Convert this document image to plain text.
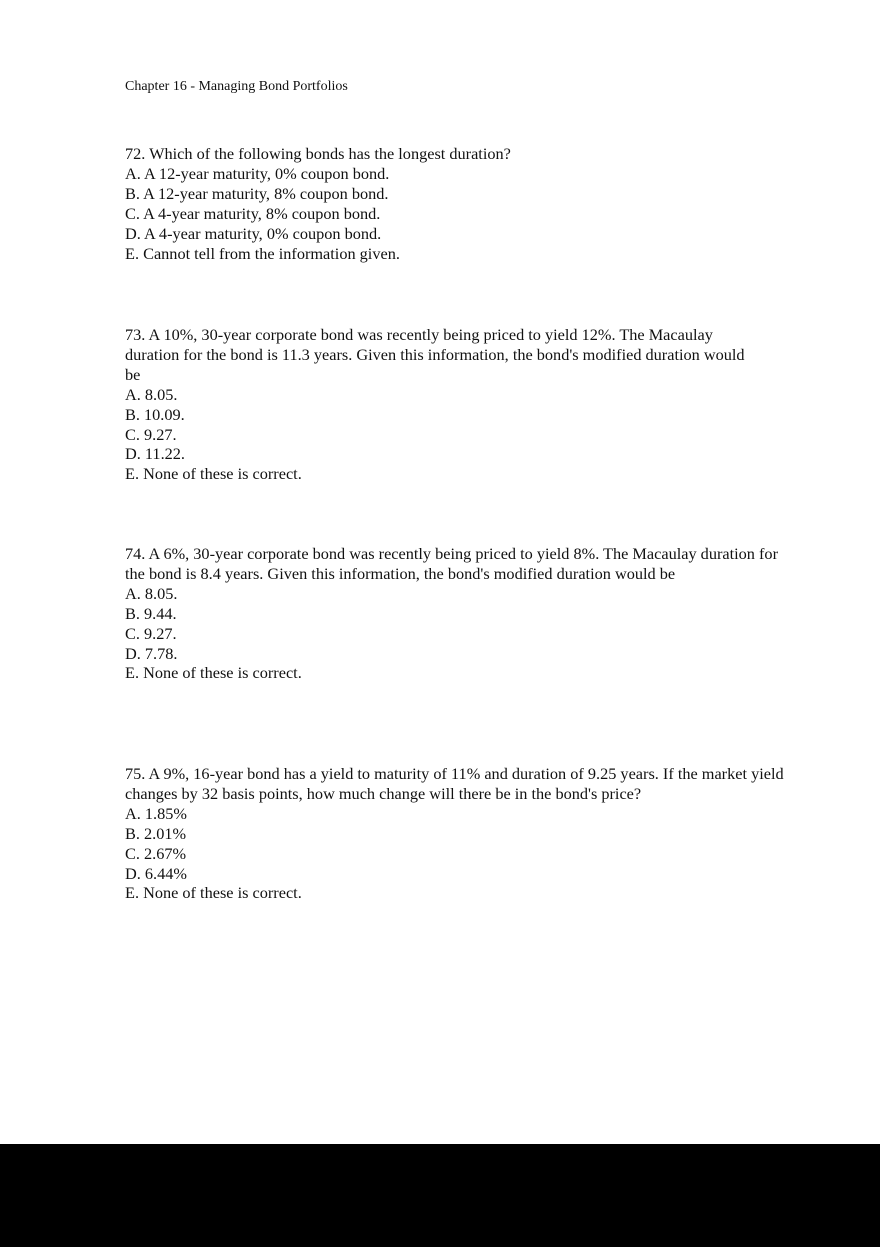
Chapter 16 - Managing Bond Portfolios
72. Which of the following bonds has the longest duration?
A. A 12-year maturity, 0% coupon bond.
B. A 12-year maturity, 8% coupon bond.
C. A 4-year maturity, 8% coupon bond.
D. A 4-year maturity, 0% coupon bond.
E. Cannot tell from the information given.
73. A 10%, 30-year corporate bond was recently being priced to yield 12%. The Macaulay duration for the bond is 11.3 years. Given this information, the bond's modified duration would be
A. 8.05.
B. 10.09.
C. 9.27.
D. 11.22.
E. None of these is correct.
74. A 6%, 30-year corporate bond was recently being priced to yield 8%. The Macaulay duration for the bond is 8.4 years. Given this information, the bond's modified duration would be
A. 8.05.
B. 9.44.
C. 9.27.
D. 7.78.
E. None of these is correct.
75. A 9%, 16-year bond has a yield to maturity of 11% and duration of 9.25 years. If the market yield changes by 32 basis points, how much change will there be in the bond's price?
A. 1.85%
B. 2.01%
C. 2.67%
D. 6.44%
E. None of these is correct.
